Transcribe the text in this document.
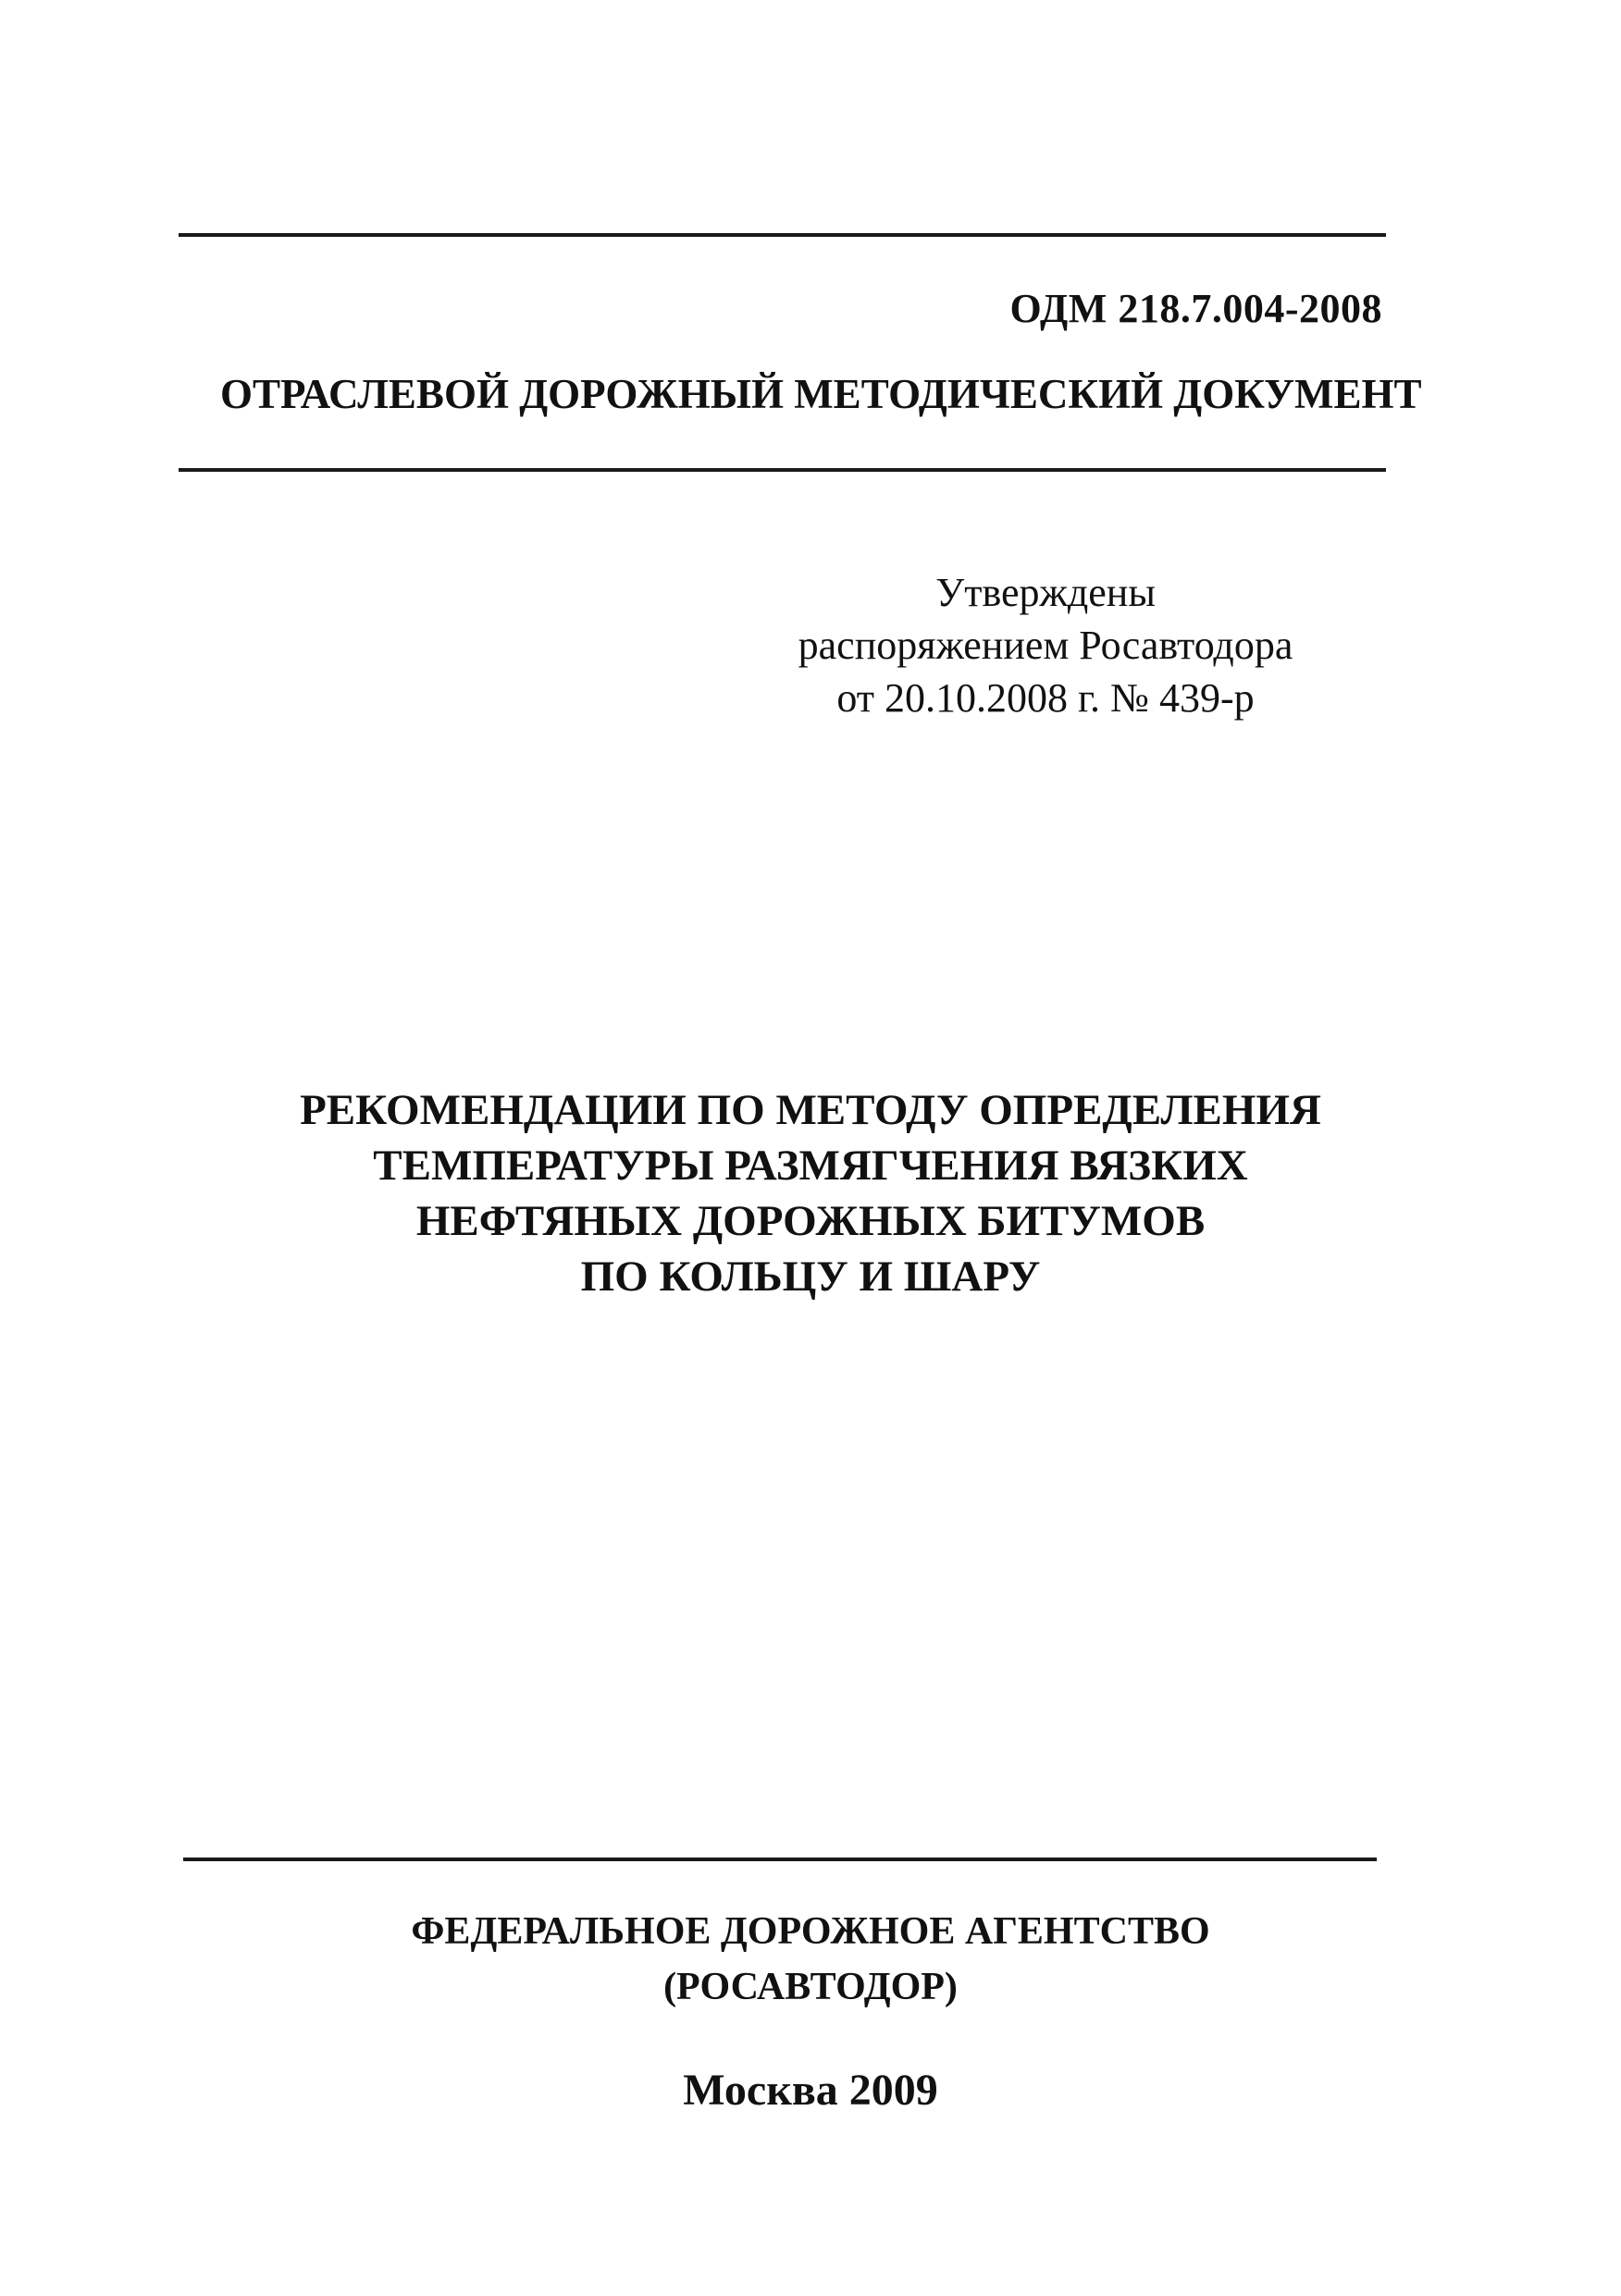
ОДМ 218.7.004-2008
ОТРАСЛЕВОЙ ДОРОЖНЫЙ МЕТОДИЧЕСКИЙ ДОКУМЕНТ
Утверждены
распоряжением Росавтодора
от 20.10.2008 г. № 439-р
РЕКОМЕНДАЦИИ ПО МЕТОДУ ОПРЕДЕЛЕНИЯ
ТЕМПЕРАТУРЫ РАЗМЯГЧЕНИЯ ВЯЗКИХ
НЕФТЯНЫХ ДОРОЖНЫХ БИТУМОВ
ПО КОЛЬЦУ И ШАРУ
ФЕДЕРАЛЬНОЕ ДОРОЖНОЕ АГЕНТСТВО
(РОСАВТОДОР)
Москва 2009
